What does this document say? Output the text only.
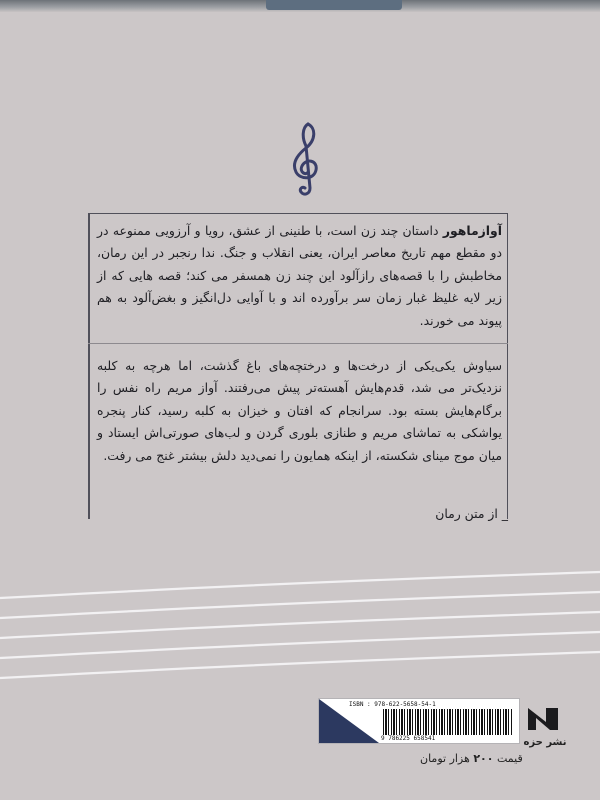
آوازماهور داستان چند زن است، با طنینی از عشق، رویا و آرزویی ممنوعه در دو مقطع مهم تاریخ معاصر ایران، یعنی انقلاب و جنگ. ندا رنجبر در این رمان، مخاطبش را با قصه‌های رازآلود این چند زن همسفر می کند؛ قصه هایی که از زیر لایه غلیظ غبار زمان سر برآورده اند و با آوایی دل‌انگیز و بغض‌آلود به هم پیوند می خورند.
سیاوش یکی‌یکی از درخت‌ها و درختچه‌های باغ گذشت، اما هرچه به کلبه نزدیک‌تر می شد، قدم‌هایش آهسته‌تر پیش می‌رفتند. آواز مریم راه نفس را برگام‌هایش بسته بود. سرانجام که افتان و خیزان به کلبه رسید، کنار پنجره یواشکی به تماشای مریم و طنازی بلوری گردن و لب‌های صورتی‌اش ایستاد و میان موج مینای شکسته، از اینکه همایون را نمی‌دید دلش بیشتر غنج می رفت.
_ از متن رمان
ISBN : 978-622-5658-54-1
9 786225 658541	نشر حزه
قیمت ۲۰۰ هزار تومان
